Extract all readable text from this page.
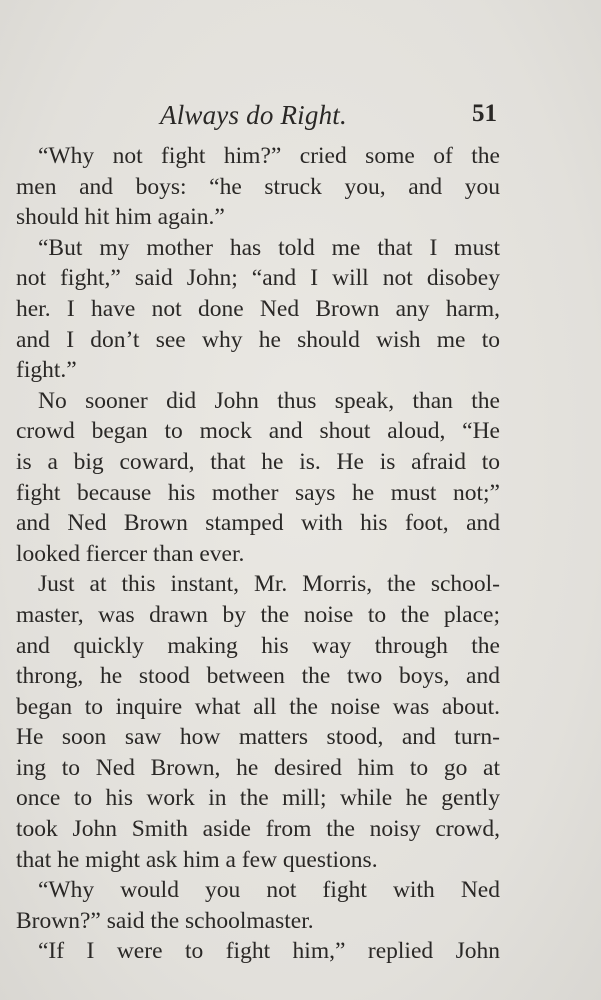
Always do Right.	51
“Why not fight him?” cried some of the
men and boys: “he struck you, and you
should hit him again.”
“But my mother has told me that I must
not fight,” said John; “and I will not disobey
her. I have not done Ned Brown any harm,
and I don’t see why he should wish me to
fight.”
No sooner did John thus speak, than the
crowd began to mock and shout aloud, “He
is a big coward, that he is. He is afraid to
fight because his mother says he must not;”
and Ned Brown stamped with his foot, and
looked fiercer than ever.
Just at this instant, Mr. Morris, the school-
master, was drawn by the noise to the place;
and quickly making his way through the
throng, he stood between the two boys, and
began to inquire what all the noise was about.
He soon saw how matters stood, and turn-
ing to Ned Brown, he desired him to go at
once to his work in the mill; while he gently
took John Smith aside from the noisy crowd,
that he might ask him a few questions.
“Why would you not fight with Ned
Brown?” said the schoolmaster.
“If I were to fight him,” replied John
